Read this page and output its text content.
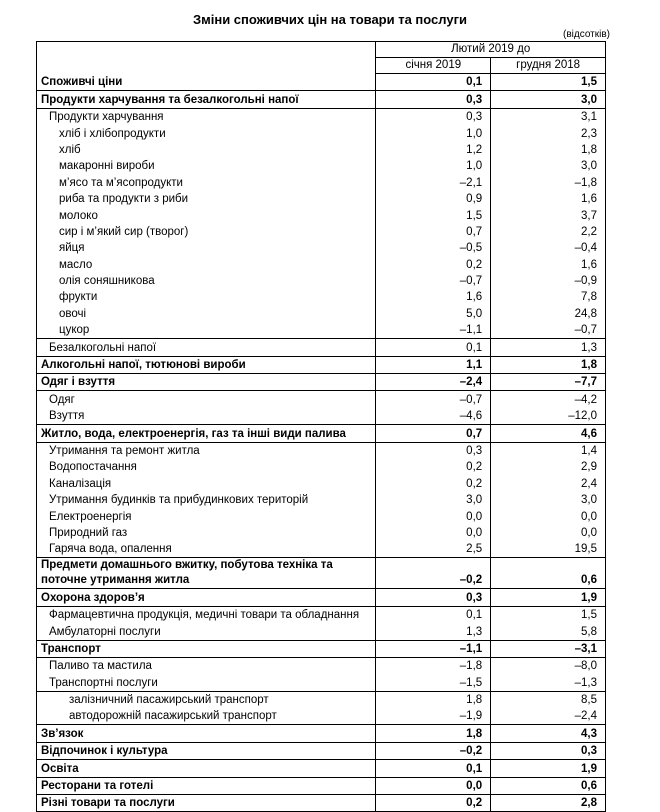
Зміни споживчих цін на товари та послуги
(відсотків)
	Лютий 2019 до	
	січня 2019	грудня 2018
Споживчі ціни	0,1	1,5
Продукти харчування та безалкогольні напої	0,3	3,0
Продукти харчування	0,3	3,1
хліб і хлібопродукти	1,0	2,3
хліб	1,2	1,8
макаронні вироби	1,0	3,0
м’ясо та м’ясопродукти	–2,1	–1,8
риба та продукти з риби	0,9	1,6
молоко	1,5	3,7
сир і м’який сир (творог)	0,7	2,2
яйця	–0,5	–0,4
масло	0,2	1,6
олія соняшникова	–0,7	–0,9
фрукти	1,6	7,8
овочі	5,0	24,8
цукор	–1,1	–0,7
Безалкогольні напої	0,1	1,3
Алкогольні напої, тютюнові вироби	1,1	1,8
Одяг і взуття	–2,4	–7,7
Одяг	–0,7	–4,2
Взуття	–4,6	–12,0
Житло, вода, електроенергія, газ та інші види палива	0,7	4,6
Утримання та ремонт житла	0,3	1,4
Водопостачання	0,2	2,9
Каналізація	0,2	2,4
Утримання будинків та прибудинкових територій	3,0	3,0
Електроенергія	0,0	0,0
Природний газ	0,0	0,0
Гаряча вода, опалення	2,5	19,5
Предмети домашнього вжитку, побутова техніка та
поточне утримання житла	–0,2	0,6
Охорона здоров’я	0,3	1,9
Фармацевтична продукція, медичні товари та обладнання	0,1	1,5
Амбулаторні послуги	1,3	5,8
Транспорт	–1,1	–3,1
Паливо та мастила	–1,8	–8,0
Транспортні послуги	–1,5	–1,3
залізничний пасажирський транспорт	1,8	8,5
автодорожній пасажирський транспорт	–1,9	–2,4
Зв’язок	1,8	4,3
Відпочинок і культура	–0,2	0,3
Освіта	0,1	1,9
Ресторани та готелі	0,0	0,6
Різні товари та послуги	0,2	2,8
